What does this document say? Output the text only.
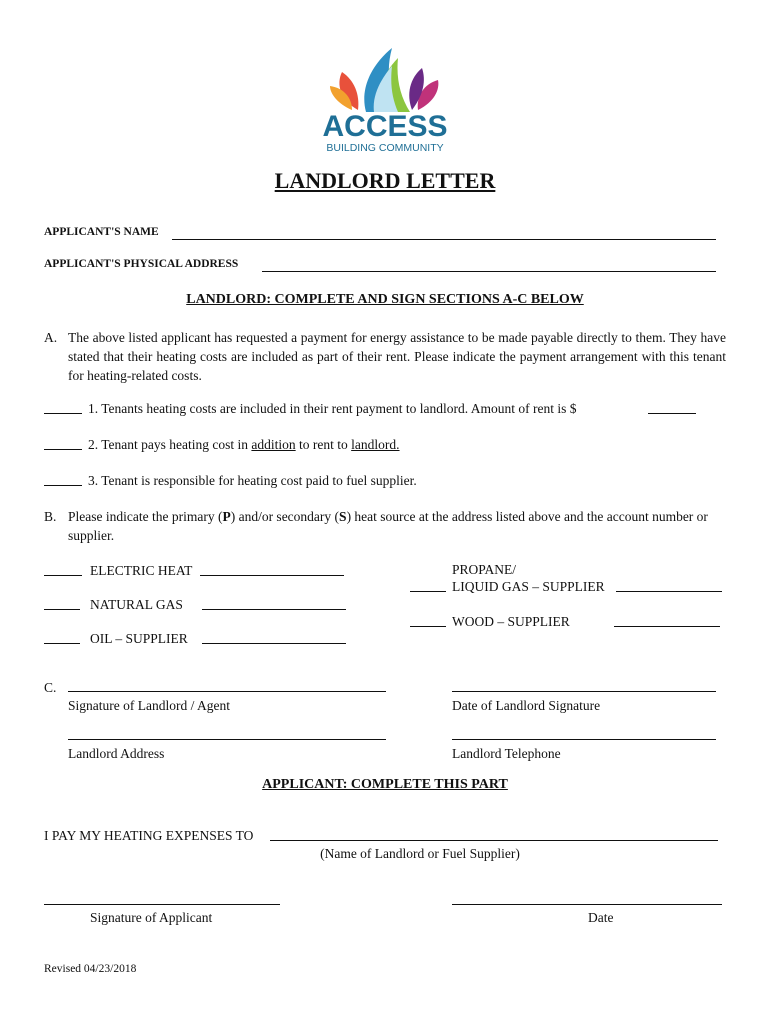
ACCESS
BUILDING COMMUNITY
LANDLORD LETTER
APPLICANT'S NAME
APPLICANT'S PHYSICAL ADDRESS
LANDLORD: COMPLETE AND SIGN SECTIONS A-C BELOW
A. The above listed applicant has requested a payment for energy assistance to be made payable directly to them. They have stated that their heating costs are included as part of their rent. Please indicate the payment arrangement with this tenant for heating-related costs.
1. Tenants heating costs are included in their rent payment to landlord. Amount of rent is $
2. Tenant pays heating cost in addition to rent to landlord.
3. Tenant is responsible for heating cost paid to fuel supplier.
B. Please indicate the primary (P) and/or secondary (S) heat source at the address listed above and the account number or supplier.
ELECTRIC HEAT
NATURAL GAS
OIL – SUPPLIER
PROPANE/
LIQUID GAS – SUPPLIER
WOOD – SUPPLIER
C.
Signature of Landlord / Agent	Date of Landlord Signature
Landlord Address	Landlord Telephone
APPLICANT: COMPLETE THIS PART
I PAY MY HEATING EXPENSES TO
(Name of Landlord or Fuel Supplier)
Signature of Applicant	Date
Revised 04/23/2018
